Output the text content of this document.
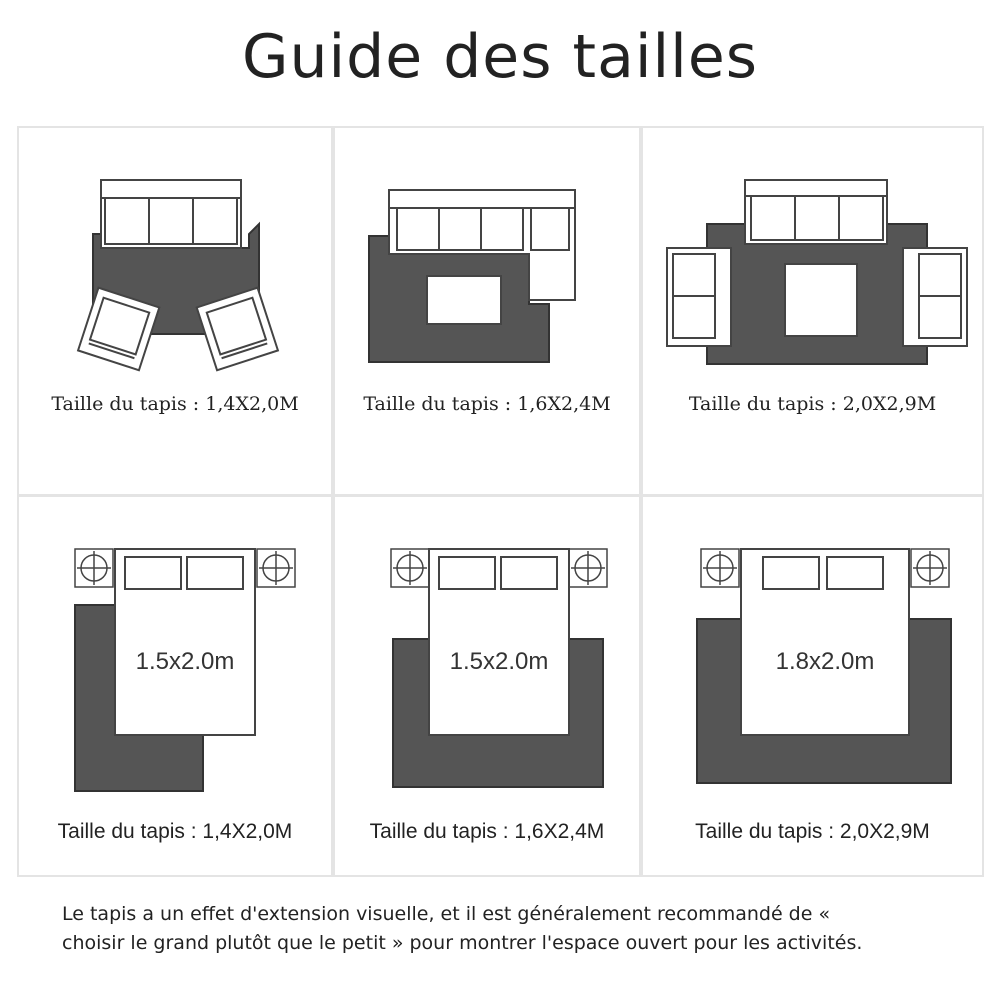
Guide des tailles
Taille du tapis : 1,4X2,0M	Taille du tapis : 1,6X2,4M	Taille du tapis : 2,0X2,9M
1.5x2.0m
Taille du tapis : 1,4X2,0M
1.5x2.0m
Taille du tapis : 1,6X2,4M
1.8x2.0m
Taille du tapis : 2,0X2,9M
Le tapis a un effet d'extension visuelle, et il est généralement recommandé de «
choisir le grand plutôt que le petit » pour montrer l'espace ouvert pour les activités.
